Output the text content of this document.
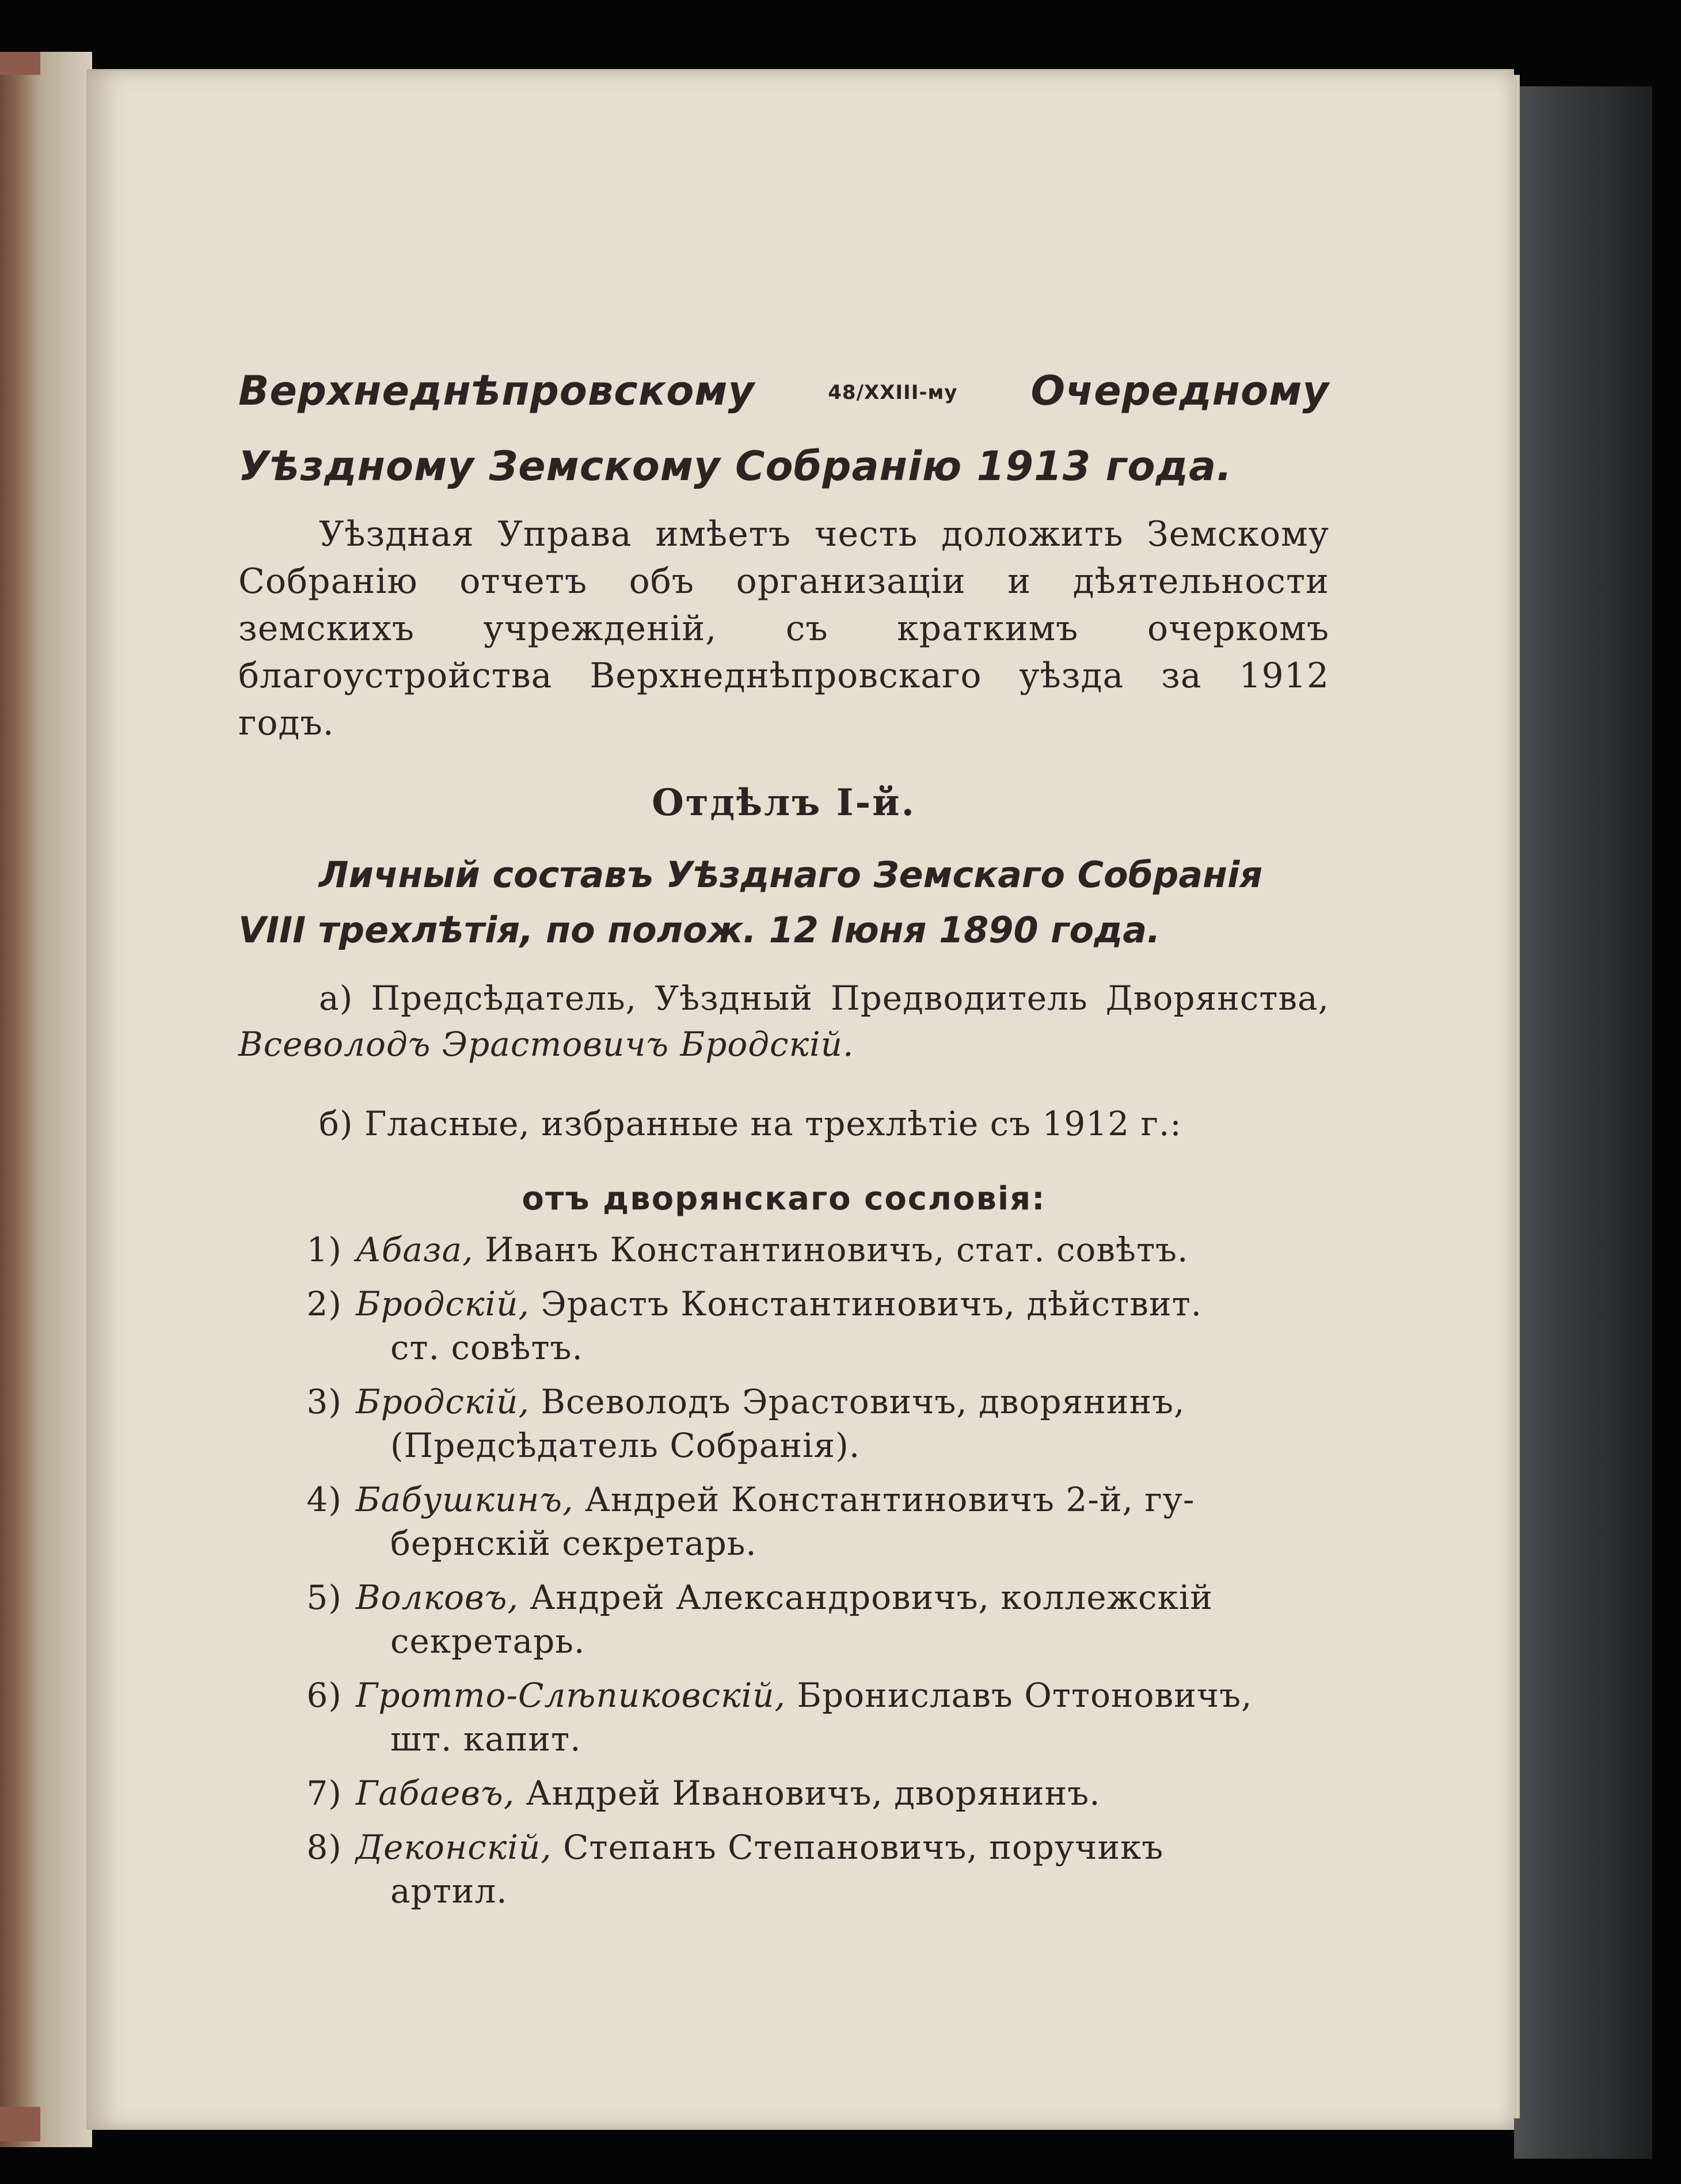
Верхнеднѣпровскому	48/XXIII-му Очередному
Уѣздному Земскому Собранію 1913 года.

Уѣздная Управа имѣетъ честь доложить Земскому Собранію отчетъ объ организаціи и дѣятельности земскихъ учрежденій, съ краткимъ очеркомъ благоустройства Верхнеднѣпровскаго уѣзда за 1912 годъ.

Отдѣлъ I-й.
Личный составъ Уѣзднаго Земскаго Собранія
VIII трехлѣтія, по полож. 12 Іюня 1890 года.

а) Предсѣдатель, Уѣздный Предводитель Дворянства, Всеволодъ Эрастовичъ Бродскій.

б) Гласные, избранные на трехлѣтіе съ 1912 г.:

отъ дворянскаго сословія:
1) Абаза, Иванъ Константиновичъ, стат. совѣтъ.
2) Бродскій, Эрастъ Константиновичъ, дѣйствит.
ст. совѣтъ.
3) Бродскій, Всеволодъ Эрастовичъ, дворянинъ,
(Предсѣдатель Собранія).
4) Бабушкинъ, Андрей Константиновичъ 2-й, гу-
бернскій секретарь.
5) Волковъ, Андрей Александровичъ, коллежскій
секретарь.
6) Гротто-Слѣпиковскій, Брониславъ Оттоновичъ,
шт. капит.
7) Габаевъ, Андрей Ивановичъ, дворянинъ.
8) Деконскій, Степанъ Степановичъ, поручикъ
артил.
